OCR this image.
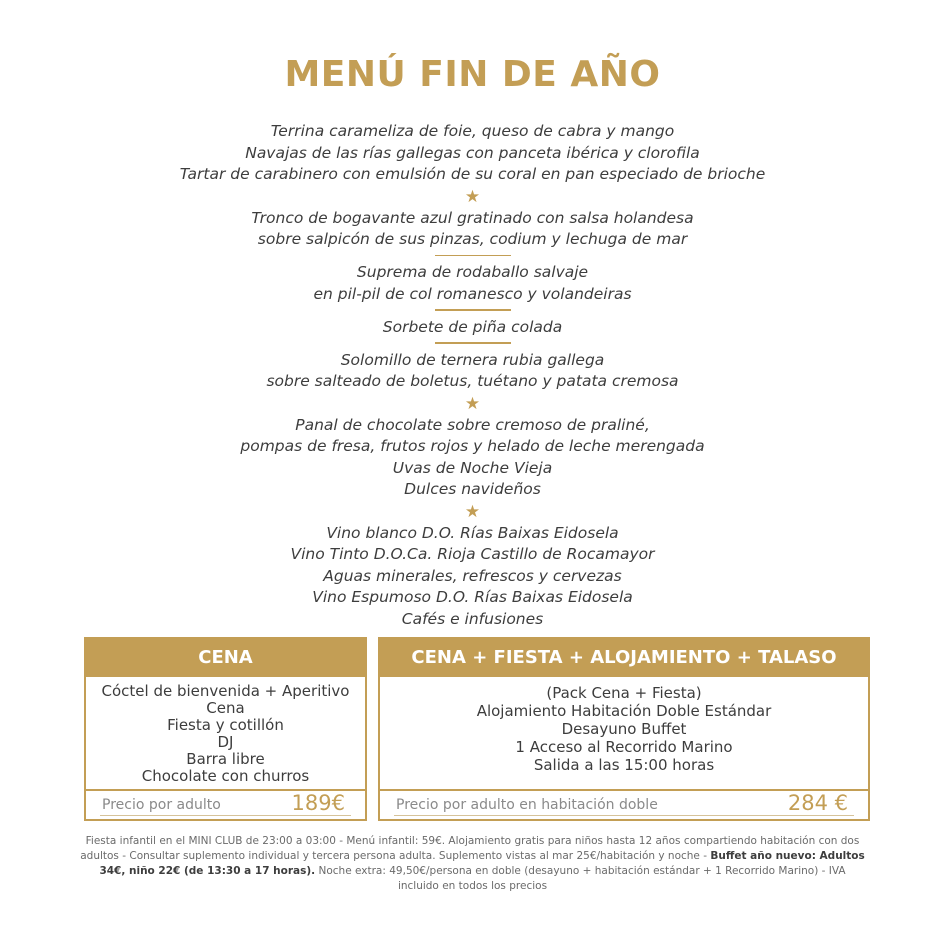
MENÚ FIN DE AÑO
Terrina carameliza de foie, queso de cabra y mango
Navajas de las rías gallegas con panceta ibérica y clorofila
Tartar de carabinero con emulsión de su coral en pan especiado de brioche
★
Tronco de bogavante azul gratinado con salsa holandesa
sobre salpicón de sus pinzas, codium y lechuga de mar
Suprema de rodaballo salvaje
en pil-pil de col romanesco y volandeiras
Sorbete de piña colada
Solomillo de ternera rubia gallega
sobre salteado de boletus, tuétano y patata cremosa
★
Panal de chocolate sobre cremoso de praliné,
pompas de fresa, frutos rojos y helado de leche merengada
Uvas de Noche Vieja
Dulces navideños
★
Vino blanco D.O. Rías Baixas Eidosela
Vino Tinto D.O.Ca. Rioja Castillo de Rocamayor
Aguas minerales, refrescos y cervezas
Vino Espumoso D.O. Rías Baixas Eidosela
Cafés e infusiones
CENA
Cóctel de bienvenida + Aperitivo
Cena
Fiesta y cotillón
DJ
Barra libre
Chocolate con churros
Precio por adulto	189€
CENA + FIESTA + ALOJAMIENTO + TALASO
(Pack Cena + Fiesta)
Alojamiento Habitación Doble Estándar
Desayuno Buffet
1 Acceso al Recorrido Marino
Salida a las 15:00 horas
Precio por adulto en habitación doble	284 €
Fiesta infantil en el MINI CLUB de 23:00 a 03:00 - Menú infantil: 59€. Alojamiento gratis para niños hasta 12 años compartiendo habitación con dos adultos - Consultar suplemento individual y tercera persona adulta. Suplemento vistas al mar 25€/habitación y noche - Buffet año nuevo: Adultos 34€, niño 22€ (de 13:30 a 17 horas). Noche extra: 49,50€/persona en doble (desayuno + habitación estándar + 1 Recorrido Marino) - IVA incluido en todos los precios
